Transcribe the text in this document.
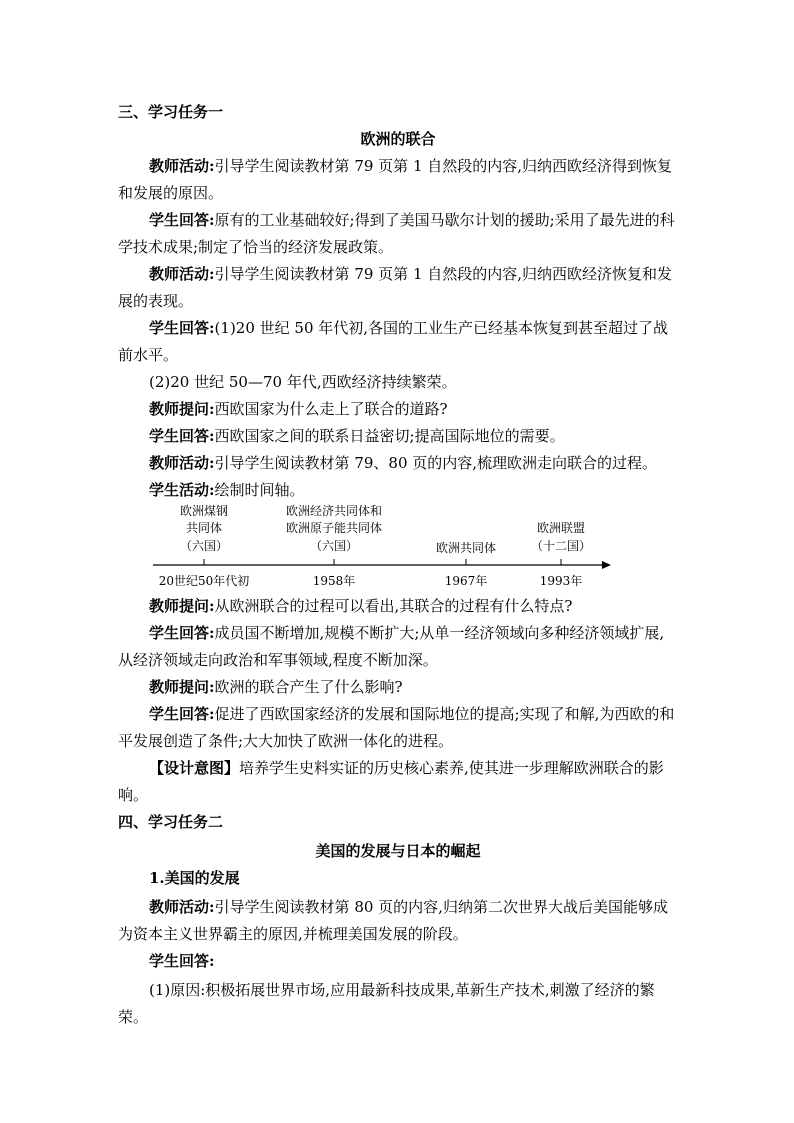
三、学习任务一
欧洲的联合

教师活动:引导学生阅读教材第 79 页第 1 自然段的内容,归纳西欧经济得到恢复和发展的原因。

学生回答:原有的工业基础较好;得到了美国马歇尔计划的援助;采用了最先进的科学技术成果;制定了恰当的经济发展政策。

教师活动:引导学生阅读教材第 79 页第 1 自然段的内容,归纳西欧经济恢复和发展的表现。

学生回答:(1)20 世纪 50 年代初,各国的工业生产已经基本恢复到甚至超过了战前水平。

(2)20 世纪 50—70 年代,西欧经济持续繁荣。

教师提问:西欧国家为什么走上了联合的道路?

学生回答:西欧国家之间的联系日益密切;提高国际地位的需要。

教师活动:引导学生阅读教材第 79、80 页的内容,梳理欧洲走向联合的过程。

学生活动:绘制时间轴。

欧洲煤钢
共同体
（六国）
20世纪50年代初
欧洲经济共同体和
欧洲原子能共同体
（六国）
1958年
欧洲共同体
1967年
欧洲联盟
（十二国）
1993年

教师提问:从欧洲联合的过程可以看出,其联合的过程有什么特点?

学生回答:成员国不断增加,规模不断扩大;从单一经济领域向多种经济领域扩展,从经济领域走向政治和军事领域,程度不断加深。

教师提问:欧洲的联合产生了什么影响?

学生回答:促进了西欧国家经济的发展和国际地位的提高;实现了和解,为西欧的和平发展创造了条件;大大加快了欧洲一体化的进程。

【设计意图】培养学生史料实证的历史核心素养,使其进一步理解欧洲联合的影响。

四、学习任务二
美国的发展与日本的崛起
1.美国的发展

教师活动:引导学生阅读教材第 80 页的内容,归纳第二次世界大战后美国能够成为资本主义世界霸主的原因,并梳理美国发展的阶段。

学生回答:

(1)原因:积极拓展世界市场,应用最新科技成果,革新生产技术,刺激了经济的繁荣。
